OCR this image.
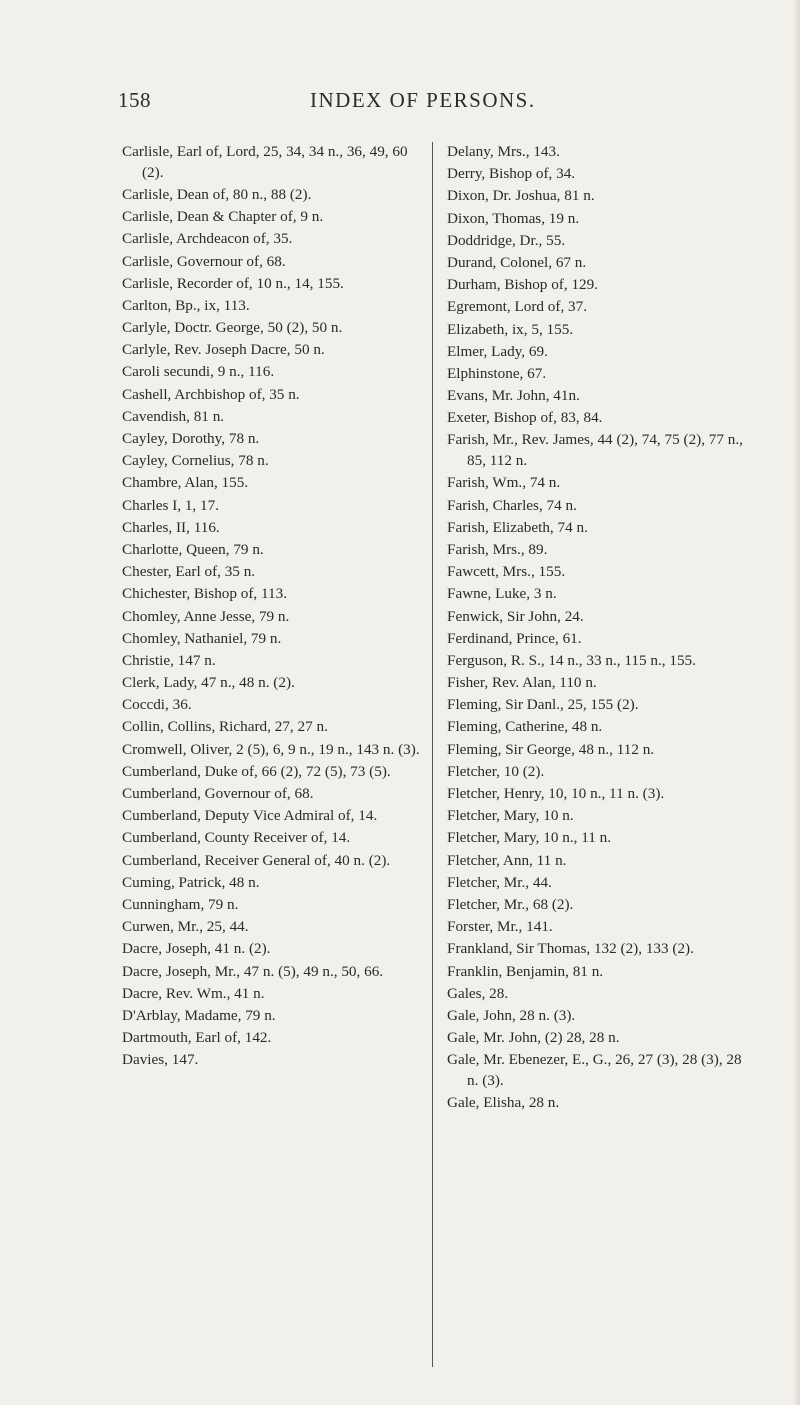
158	INDEX OF PERSONS.

Carlisle, Earl of, Lord, 25, 34, 34 n., 36, 49, 60 (2).

Carlisle, Dean of, 80 n., 88 (2).

Carlisle, Dean & Chapter of, 9 n.

Carlisle, Archdeacon of, 35.

Carlisle, Governour of, 68.

Carlisle, Recorder of, 10 n., 14, 155.

Carlton, Bp., ix, 113.

Carlyle, Doctr. George, 50 (2), 50 n.

Carlyle, Rev. Joseph Dacre, 50 n.

Caroli secundi, 9 n., 116.

Cashell, Archbishop of, 35 n.

Cavendish, 81 n.

Cayley, Dorothy, 78 n.

Cayley, Cornelius, 78 n.

Chambre, Alan, 155.

Charles I, 1, 17.

Charles, II, 116.

Charlotte, Queen, 79 n.

Chester, Earl of, 35 n.

Chichester, Bishop of, 113.

Chomley, Anne Jesse, 79 n.

Chomley, Nathaniel, 79 n.

Christie, 147 n.

Clerk, Lady, 47 n., 48 n. (2).

Coccdi, 36.

Collin, Collins, Richard, 27, 27 n.

Cromwell, Oliver, 2 (5), 6, 9 n., 19 n., 143 n. (3).

Cumberland, Duke of, 66 (2), 72 (5), 73 (5).

Cumberland, Governour of, 68.

Cumberland, Deputy Vice Admiral of, 14.

Cumberland, County Receiver of, 14.

Cumberland, Receiver General of, 40 n. (2).

Cuming, Patrick, 48 n.

Cunningham, 79 n.

Curwen, Mr., 25, 44.

Dacre, Joseph, 41 n. (2).

Dacre, Joseph, Mr., 47 n. (5), 49 n., 50, 66.

Dacre, Rev. Wm., 41 n.

D'Arblay, Madame, 79 n.

Dartmouth, Earl of, 142.

Davies, 147.

Delany, Mrs., 143.

Derry, Bishop of, 34.

Dixon, Dr. Joshua, 81 n.

Dixon, Thomas, 19 n.

Doddridge, Dr., 55.

Durand, Colonel, 67 n.

Durham, Bishop of, 129.

Egremont, Lord of, 37.

Elizabeth, ix, 5, 155.

Elmer, Lady, 69.

Elphinstone, 67.

Evans, Mr. John, 41n.

Exeter, Bishop of, 83, 84.

Farish, Mr., Rev. James, 44 (2), 74, 75 (2), 77 n., 85, 112 n.

Farish, Wm., 74 n.

Farish, Charles, 74 n.

Farish, Elizabeth, 74 n.

Farish, Mrs., 89.

Fawcett, Mrs., 155.

Fawne, Luke, 3 n.

Fenwick, Sir John, 24.

Ferdinand, Prince, 61.

Ferguson, R. S., 14 n., 33 n., 115 n., 155.

Fisher, Rev. Alan, 110 n.

Fleming, Sir Danl., 25, 155 (2).

Fleming, Catherine, 48 n.

Fleming, Sir George, 48 n., 112 n.

Fletcher, 10 (2).

Fletcher, Henry, 10, 10 n., 11 n. (3).

Fletcher, Mary, 10 n.

Fletcher, Mary, 10 n., 11 n.

Fletcher, Ann, 11 n.

Fletcher, Mr., 44.

Fletcher, Mr., 68 (2).

Forster, Mr., 141.

Frankland, Sir Thomas, 132 (2), 133 (2).

Franklin, Benjamin, 81 n.

Gales, 28.

Gale, John, 28 n. (3).

Gale, Mr. John, (2) 28, 28 n.

Gale, Mr. Ebenezer, E., G., 26, 27 (3), 28 (3), 28 n. (3).

Gale, Elisha, 28 n.
